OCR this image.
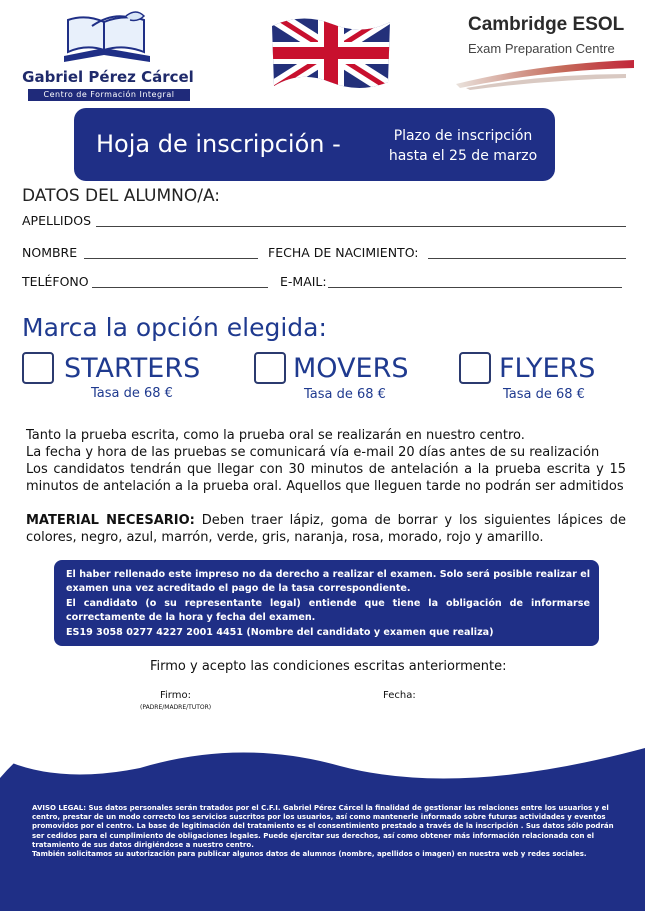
Gabriel Pérez Cárcel
Centro de Formación Integral
Cambridge ESOL
Exam Preparation Centre
Hoja de inscripción -	Plazo de inscripción
hasta el 25 de marzo
DATOS DEL ALUMNO/A:
APELLIDOS
NOMBRE	FECHA DE NACIMIENTO:
TELÉFONO	E-MAIL:
Marca la opción elegida:
STARTERS
Tasa de 68 €
MOVERS
Tasa de 68 €
FLYERS
Tasa de 68 €
Tanto la prueba escrita, como la prueba oral se realizarán en nuestro centro.
La fecha y hora de las pruebas se comunicará vía e-mail 20 días antes de su realización
Los candidatos tendrán que llegar con 30 minutos de antelación a la prueba escrita y 15 minutos de antelación a la prueba oral. Aquellos que lleguen tarde no podrán ser admitidos
MATERIAL NECESARIO: Deben traer lápiz, goma de borrar y los siguientes lápices de colores, negro, azul, marrón, verde, gris, naranja, rosa, morado, rojo y amarillo.
El haber rellenado este impreso no da derecho a realizar el examen. Solo será posible realizar el examen una vez acreditado el pago de la tasa correspondiente.
El candidato (o su representante legal) entiende que tiene la obligación de informarse correctamente de la hora y fecha del examen.
ES19 3058 0277 4227 2001 4451 (Nombre del candidato y examen que realiza)
Firmo y acepto las condiciones escritas anteriormente:
Firmo:
(PADRE/MADRE/TUTOR)
Fecha:
AVISO LEGAL: Sus datos personales serán tratados por el C.F.I. Gabriel Pérez Cárcel la finalidad de gestionar las relaciones entre los usuarios y el centro, prestar de un modo correcto los servicios suscritos por los usuarios, así como mantenerle informado sobre futuras actividades y eventos promovidos por el centro. La base de legitimación del tratamiento es el consentimiento prestado a través de la inscripción . Sus datos sólo podrán ser cedidos para el cumplimiento de obligaciones legales. Puede ejercitar sus derechos, así como obtener más información relacionada con el tratamiento de sus datos dirigiéndose a nuestro centro.
También solicitamos su autorización para publicar algunos datos de alumnos (nombre, apellidos o imagen) en nuestra web y redes sociales.
